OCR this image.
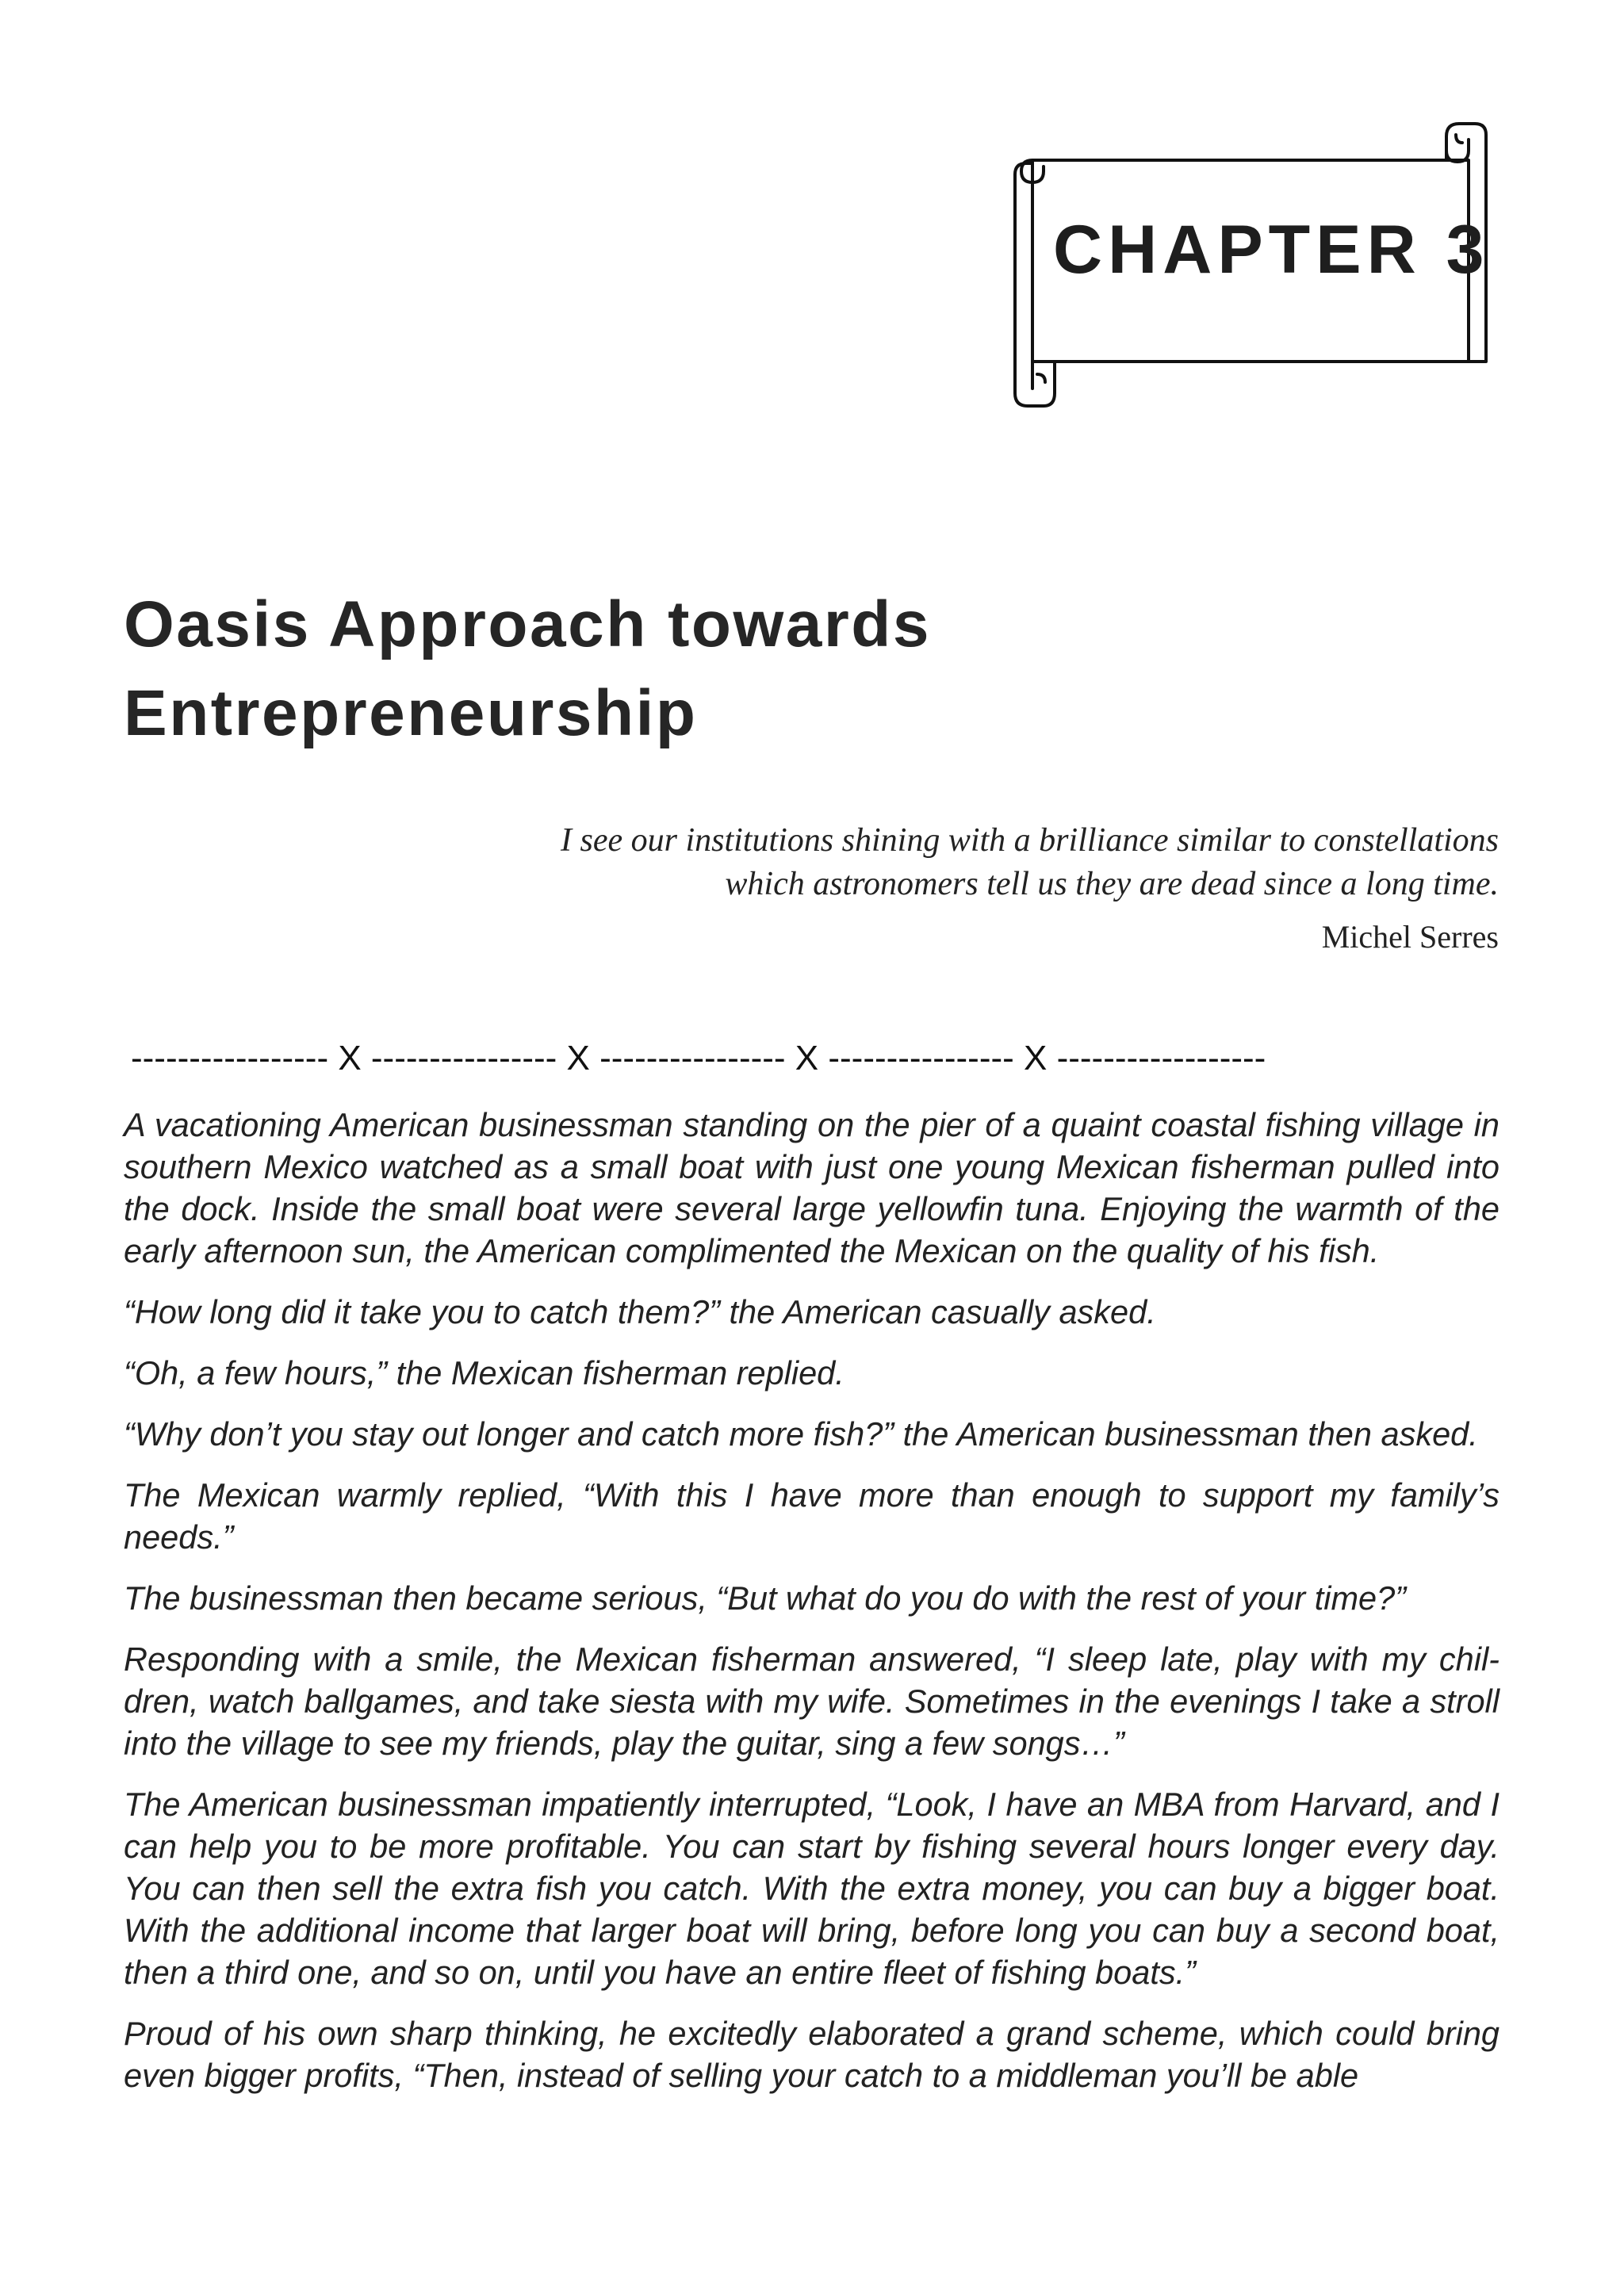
CHAPTER 3
Oasis Approach towards
Entrepreneurship
I see our institutions shining with a brilliance similar to constellations
which astronomers tell us they are dead since a long time.
Michel Serres
----------------- X ---------------- X ---------------- X ---------------- X ------------------

A vacationing American businessman standing on the pier of a quaint coastal fishing village in southern Mexico watched as a small boat with just one young Mexican fisherman pulled into the dock. Inside the small boat were several large yellowfin tuna. Enjoying the warmth of the early afternoon sun, the American complimented the Mexican on the quality of his fish.

“How long did it take you to catch them?” the American casually asked.

“Oh, a few hours,” the Mexican fisherman replied.

“Why don’t you stay out longer and catch more fish?” the American businessman then asked.

The Mexican warmly replied, “With this I have more than enough to support my family’s needs.”

The businessman then became serious, “But what do you do with the rest of your time?”

Responding with a smile, the Mexican fisherman answered, “I sleep late, play with my children, watch ballgames, and take siesta with my wife. Sometimes in the evenings I take a stroll into the village to see my friends, play the guitar, sing a few songs…”

The American businessman impatiently interrupted, “Look, I have an MBA from Harvard, and I can help you to be more profitable. You can start by fishing several hours longer every day. You can then sell the extra fish you catch. With the extra money, you can buy a bigger boat. With the additional income that larger boat will bring, before long you can buy a second boat, then a third one, and so on, until you have an entire fleet of fishing boats.”

Proud of his own sharp thinking, he excitedly elaborated a grand scheme, which could bring even bigger profits, “Then, instead of selling your catch to a middleman you’ll be able
